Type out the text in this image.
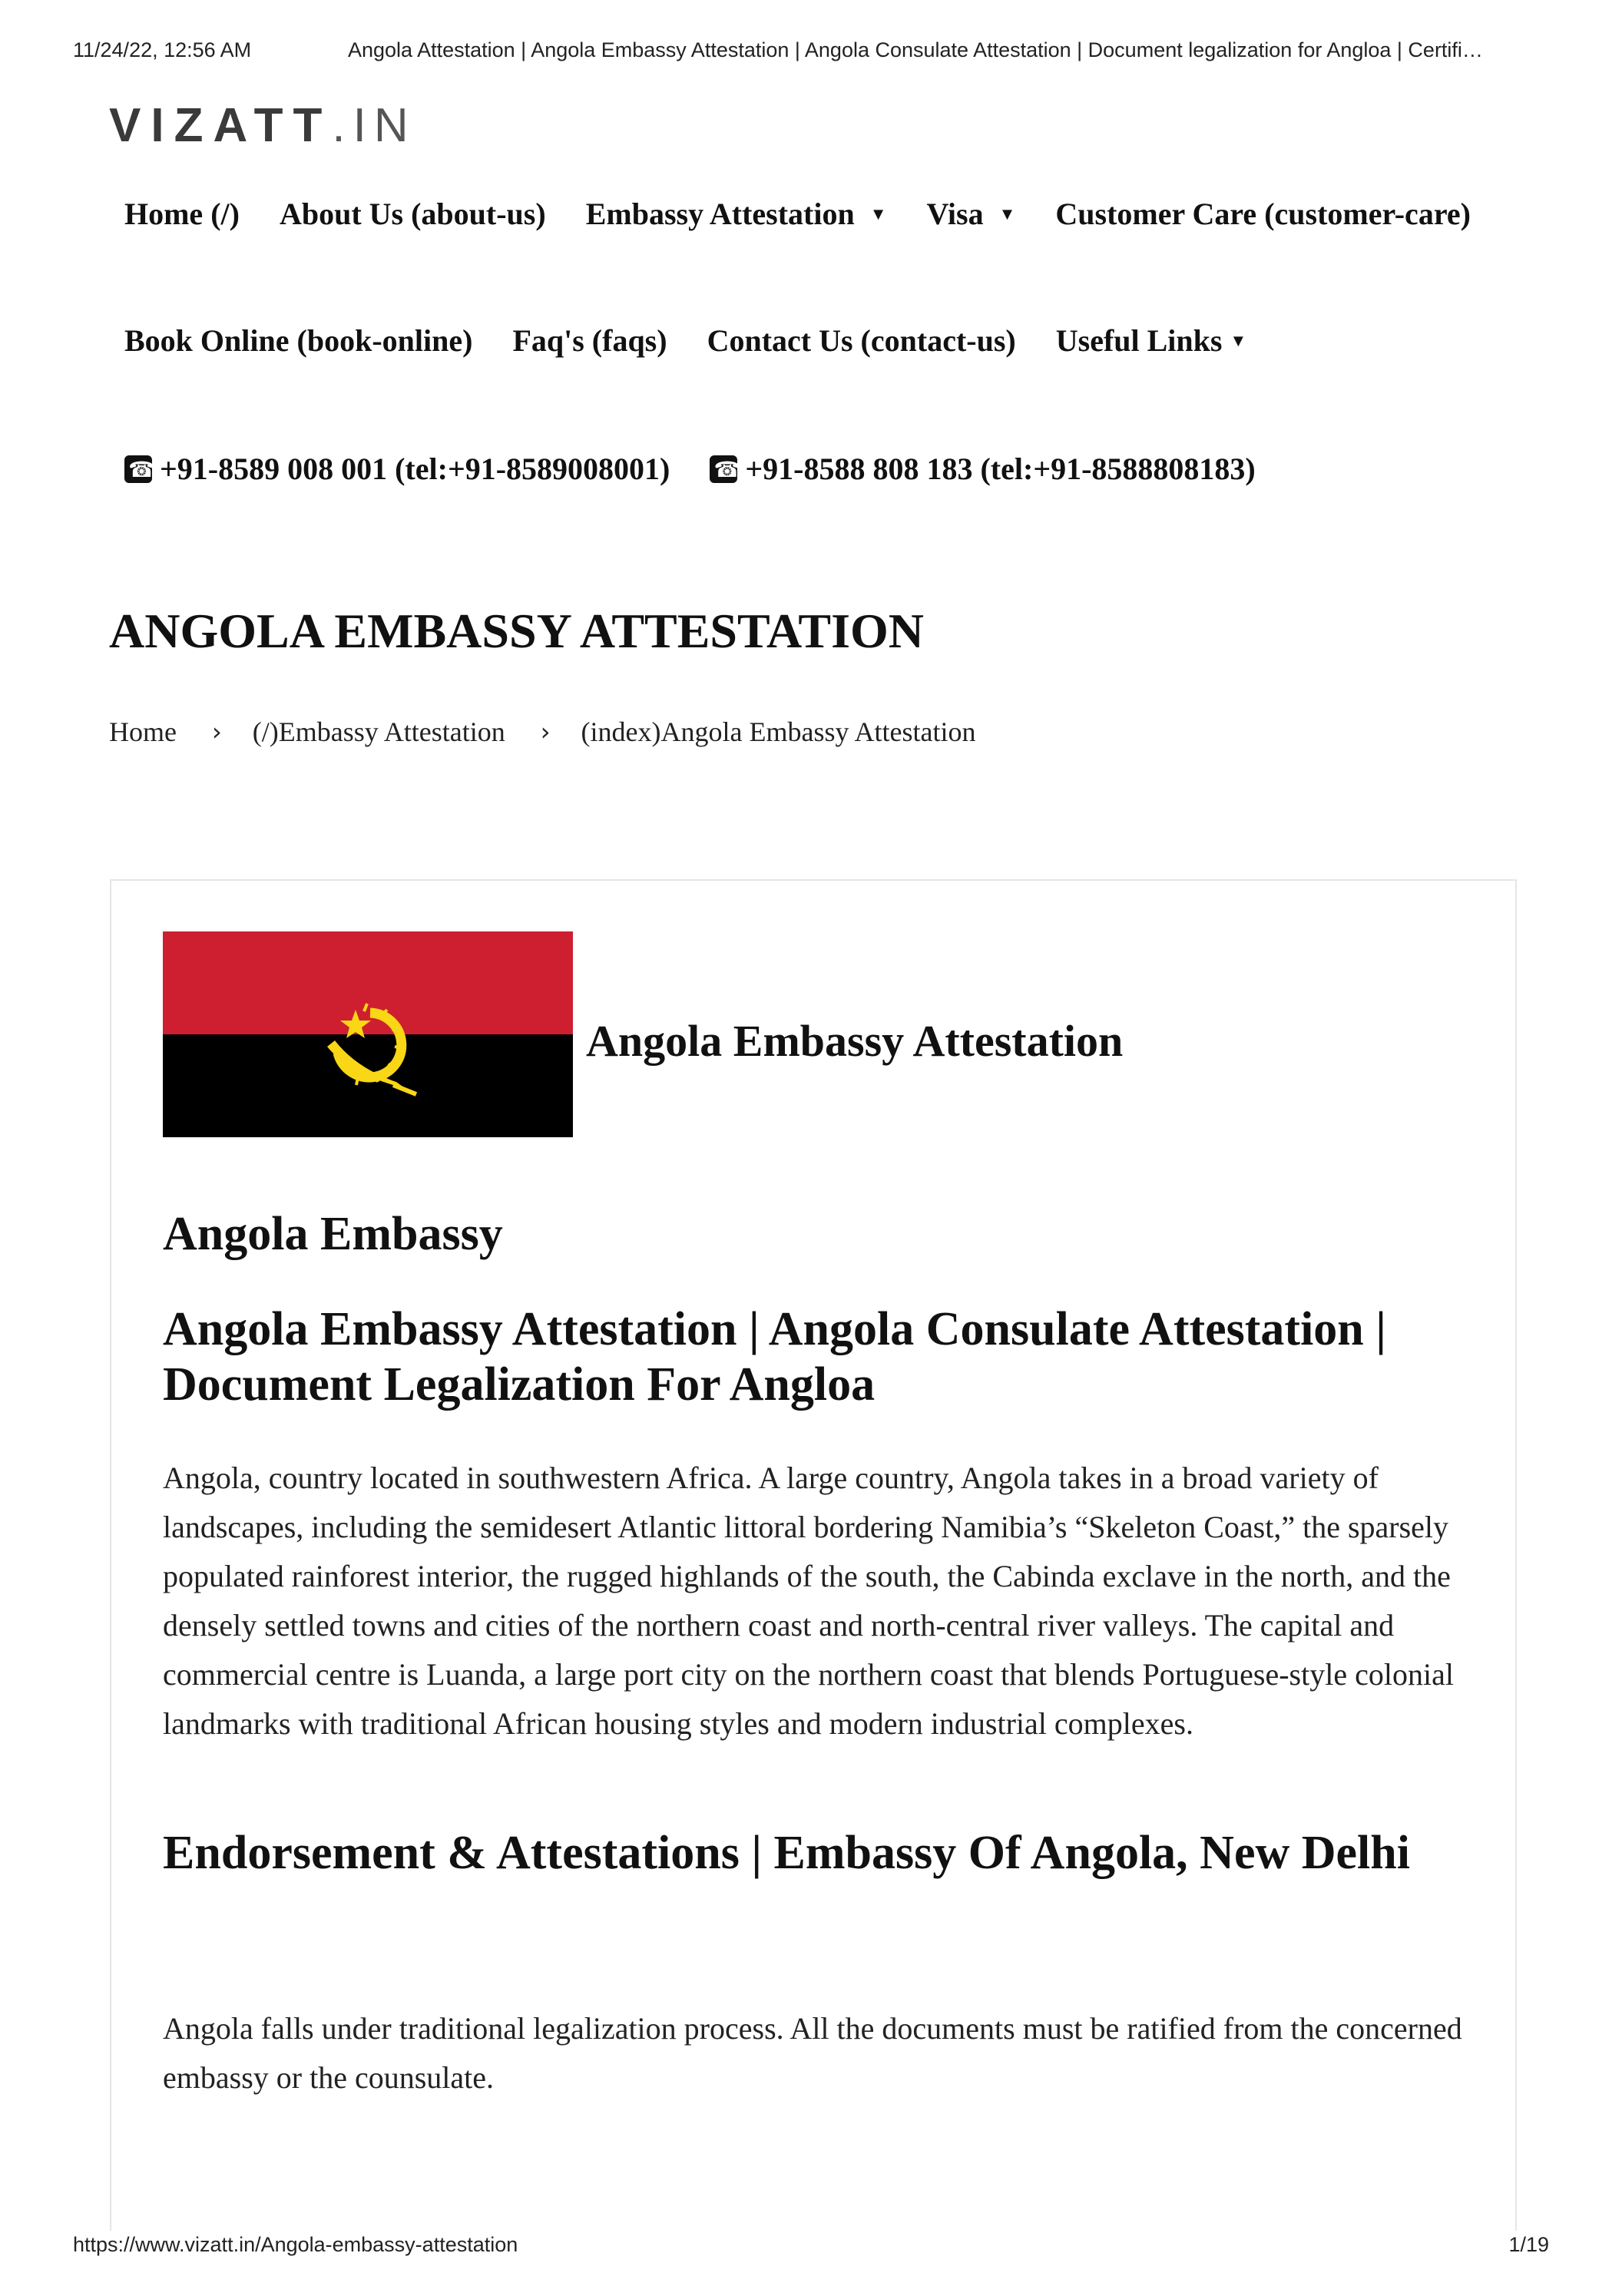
11/24/22, 12:56 AM	Angola Attestation | Angola Embassy Attestation | Angola Consulate Attestation | Document legalization for Angloa | Certifi…
VIZATT.IN
Home (/) About Us (about-us) Embassy Attestation ▼ Visa ▼ Customer Care (customer-care)
Book Online (book-online) Faq's (faqs) Contact Us (contact-us) Useful Links ▼
☎
+91-8589 008 001 (tel:+91-8589008001)
☎ +91-8588 808 183 (tel:+91-8588808183)
ANGOLA EMBASSY ATTESTATION
Home › (/)Embassy Attestation › (index)Angola Embassy Attestation
Angola Embassy Attestation
Angola Embassy
Angola Embassy Attestation | Angola Consulate Attestation | Document Legalization For Angloa

Angola, country located in southwestern Africa. A large country, Angola takes in a broad variety of landscapes, including the semidesert Atlantic littoral bordering Namibia’s “Skeleton Coast,” the sparsely populated rainforest interior, the rugged highlands of the south, the Cabinda exclave in the north, and the densely settled towns and cities of the northern coast and north-central river valleys. The capital and commercial centre is Luanda, a large port city on the northern coast that blends Portuguese-style colonial landmarks with traditional African housing styles and modern industrial complexes.

Endorsement & Attestations | Embassy Of Angola, New Delhi

Angola falls under traditional legalization process. All the documents must be ratified from the concerned embassy or the counsulate.

https://www.vizatt.in/Angola-embassy-attestation	1/19
